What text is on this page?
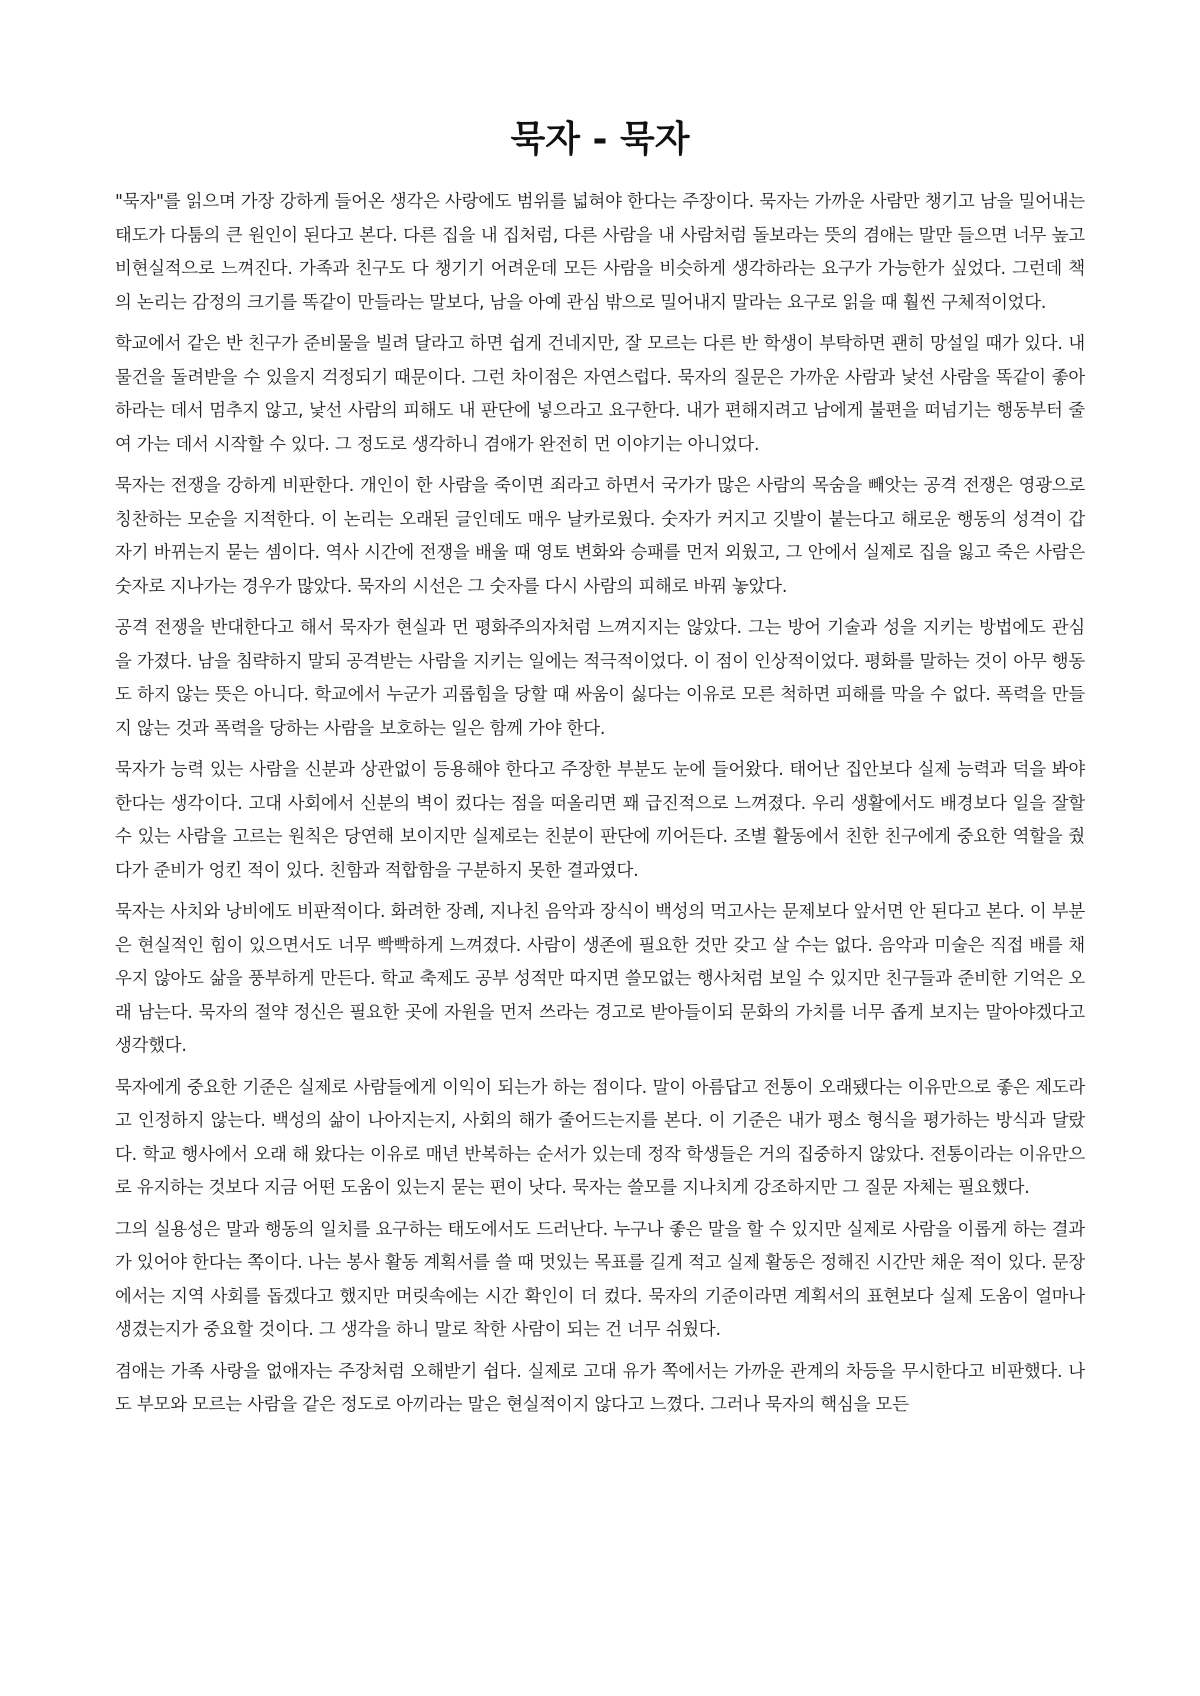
묵자 - 묵자

"묵자"를 읽으며 가장 강하게 들어온 생각은 사랑에도 범위를 넓혀야 한다는 주장이다. 묵자는 가까운 사람만 챙기고 남을 밀어내는 태도가 다툼의 큰 원인이 된다고 본다. 다른 집을 내 집처럼, 다른 사람을 내 사람처럼 돌보라는 뜻의 겸애는 말만 들으면 너무 높고 비현실적으로 느껴진다. 가족과 친구도 다 챙기기 어려운데 모든 사람을 비슷하게 생각하라는 요구가 가능한가 싶었다. 그런데 책의 논리는 감정의 크기를 똑같이 만들라는 말보다, 남을 아예 관심 밖으로 밀어내지 말라는 요구로 읽을 때 훨씬 구체적이었다.

학교에서 같은 반 친구가 준비물을 빌려 달라고 하면 쉽게 건네지만, 잘 모르는 다른 반 학생이 부탁하면 괜히 망설일 때가 있다. 내 물건을 돌려받을 수 있을지 걱정되기 때문이다. 그런 차이점은 자연스럽다. 묵자의 질문은 가까운 사람과 낯선 사람을 똑같이 좋아하라는 데서 멈추지 않고, 낯선 사람의 피해도 내 판단에 넣으라고 요구한다. 내가 편해지려고 남에게 불편을 떠넘기는 행동부터 줄여 가는 데서 시작할 수 있다. 그 정도로 생각하니 겸애가 완전히 먼 이야기는 아니었다.

묵자는 전쟁을 강하게 비판한다. 개인이 한 사람을 죽이면 죄라고 하면서 국가가 많은 사람의 목숨을 빼앗는 공격 전쟁은 영광으로 칭찬하는 모순을 지적한다. 이 논리는 오래된 글인데도 매우 날카로웠다. 숫자가 커지고 깃발이 붙는다고 해로운 행동의 성격이 갑자기 바뀌는지 묻는 셈이다. 역사 시간에 전쟁을 배울 때 영토 변화와 승패를 먼저 외웠고, 그 안에서 실제로 집을 잃고 죽은 사람은 숫자로 지나가는 경우가 많았다. 묵자의 시선은 그 숫자를 다시 사람의 피해로 바꿔 놓았다.

공격 전쟁을 반대한다고 해서 묵자가 현실과 먼 평화주의자처럼 느껴지지는 않았다. 그는 방어 기술과 성을 지키는 방법에도 관심을 가졌다. 남을 침략하지 말되 공격받는 사람을 지키는 일에는 적극적이었다. 이 점이 인상적이었다. 평화를 말하는 것이 아무 행동도 하지 않는 뜻은 아니다. 학교에서 누군가 괴롭힘을 당할 때 싸움이 싫다는 이유로 모른 척하면 피해를 막을 수 없다. 폭력을 만들지 않는 것과 폭력을 당하는 사람을 보호하는 일은 함께 가야 한다.

묵자가 능력 있는 사람을 신분과 상관없이 등용해야 한다고 주장한 부분도 눈에 들어왔다. 태어난 집안보다 실제 능력과 덕을 봐야 한다는 생각이다. 고대 사회에서 신분의 벽이 컸다는 점을 떠올리면 꽤 급진적으로 느껴졌다. 우리 생활에서도 배경보다 일을 잘할 수 있는 사람을 고르는 원칙은 당연해 보이지만 실제로는 친분이 판단에 끼어든다. 조별 활동에서 친한 친구에게 중요한 역할을 줬다가 준비가 엉킨 적이 있다. 친함과 적합함을 구분하지 못한 결과였다.

묵자는 사치와 낭비에도 비판적이다. 화려한 장례, 지나친 음악과 장식이 백성의 먹고사는 문제보다 앞서면 안 된다고 본다. 이 부분은 현실적인 힘이 있으면서도 너무 빡빡하게 느껴졌다. 사람이 생존에 필요한 것만 갖고 살 수는 없다. 음악과 미술은 직접 배를 채우지 않아도 삶을 풍부하게 만든다. 학교 축제도 공부 성적만 따지면 쓸모없는 행사처럼 보일 수 있지만 친구들과 준비한 기억은 오래 남는다. 묵자의 절약 정신은 필요한 곳에 자원을 먼저 쓰라는 경고로 받아들이되 문화의 가치를 너무 좁게 보지는 말아야겠다고 생각했다.

묵자에게 중요한 기준은 실제로 사람들에게 이익이 되는가 하는 점이다. 말이 아름답고 전통이 오래됐다는 이유만으로 좋은 제도라고 인정하지 않는다. 백성의 삶이 나아지는지, 사회의 해가 줄어드는지를 본다. 이 기준은 내가 평소 형식을 평가하는 방식과 달랐다. 학교 행사에서 오래 해 왔다는 이유로 매년 반복하는 순서가 있는데 정작 학생들은 거의 집중하지 않았다. 전통이라는 이유만으로 유지하는 것보다 지금 어떤 도움이 있는지 묻는 편이 낫다. 묵자는 쓸모를 지나치게 강조하지만 그 질문 자체는 필요했다.

그의 실용성은 말과 행동의 일치를 요구하는 태도에서도 드러난다. 누구나 좋은 말을 할 수 있지만 실제로 사람을 이롭게 하는 결과가 있어야 한다는 쪽이다. 나는 봉사 활동 계획서를 쓸 때 멋있는 목표를 길게 적고 실제 활동은 정해진 시간만 채운 적이 있다. 문장에서는 지역 사회를 돕겠다고 했지만 머릿속에는 시간 확인이 더 컸다. 묵자의 기준이라면 계획서의 표현보다 실제 도움이 얼마나 생겼는지가 중요할 것이다. 그 생각을 하니 말로 착한 사람이 되는 건 너무 쉬웠다.

겸애는 가족 사랑을 없애자는 주장처럼 오해받기 쉽다. 실제로 고대 유가 쪽에서는 가까운 관계의 차등을 무시한다고 비판했다. 나도 부모와 모르는 사람을 같은 정도로 아끼라는 말은 현실적이지 않다고 느꼈다. 그러나 묵자의 핵심을 모든
